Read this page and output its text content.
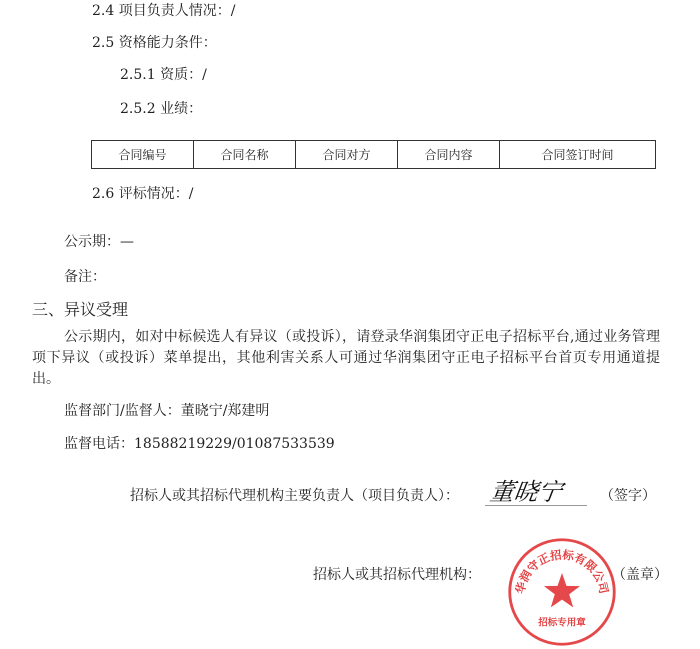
2.4 项目负责人情况：/
2.5 资格能力条件：
2.5.1 资质：/
2.5.2 业绩：
合同编号	合同名称	合同对方	合同内容	合同签订时间
2.6 评标情况：/
公示期：—
备注：
三、异议受理
公示期内，如对中标候选人有异议（或投诉），请登录华润集团守正电子招标平台,通过业务管理项下异议（或投诉）菜单提出，其他利害关系人可通过华润集团守正电子招标平台首页专用通道提出。
监督部门/监督人：董晓宁/郑建明
监督电话：18588219229/01087533539
招标人或其招标代理机构主要负责人（项目负责人）： 董晓宁	（签字）
招标人或其招标代理机构：	（盖章）
华润守正招标有限公司
招标专用章
